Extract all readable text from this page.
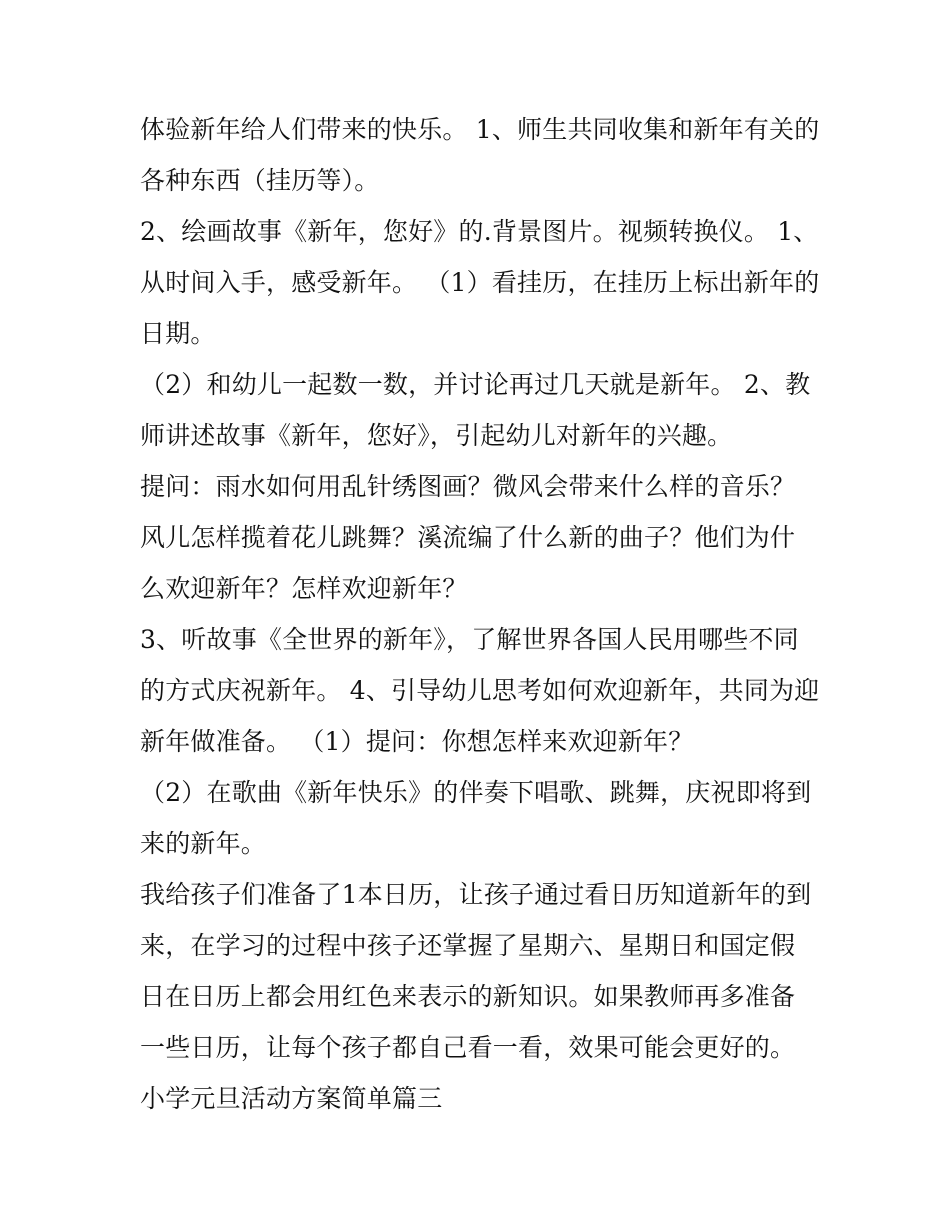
体验新年给人们带来的快乐。 1、师生共同收集和新年有关的各种东西（挂历等）。

2、绘画故事《新年，您好》的.背景图片。视频转换仪。 1、从时间入手，感受新年。 （1）看挂历，在挂历上标出新年的日期。

（2）和幼儿一起数一数，并讨论再过几天就是新年。 2、教师讲述故事《新年，您好》，引起幼儿对新年的兴趣。

提问：雨水如何用乱针绣图画？微风会带来什么样的音乐？风儿怎样揽着花儿跳舞？溪流编了什么新的曲子？他们为什么欢迎新年？怎样欢迎新年？

3、听故事《全世界的新年》，了解世界各国人民用哪些不同的方式庆祝新年。 4、引导幼儿思考如何欢迎新年，共同为迎新年做准备。 （1）提问：你想怎样来欢迎新年？

（2）在歌曲《新年快乐》的伴奏下唱歌、跳舞，庆祝即将到来的新年。

我给孩子们准备了1本日历，让孩子通过看日历知道新年的到来，在学习的过程中孩子还掌握了星期六、星期日和国定假日在日历上都会用红色来表示的新知识。如果教师再多准备一些日历，让每个孩子都自己看一看，效果可能会更好的。

小学元旦活动方案简单篇三
